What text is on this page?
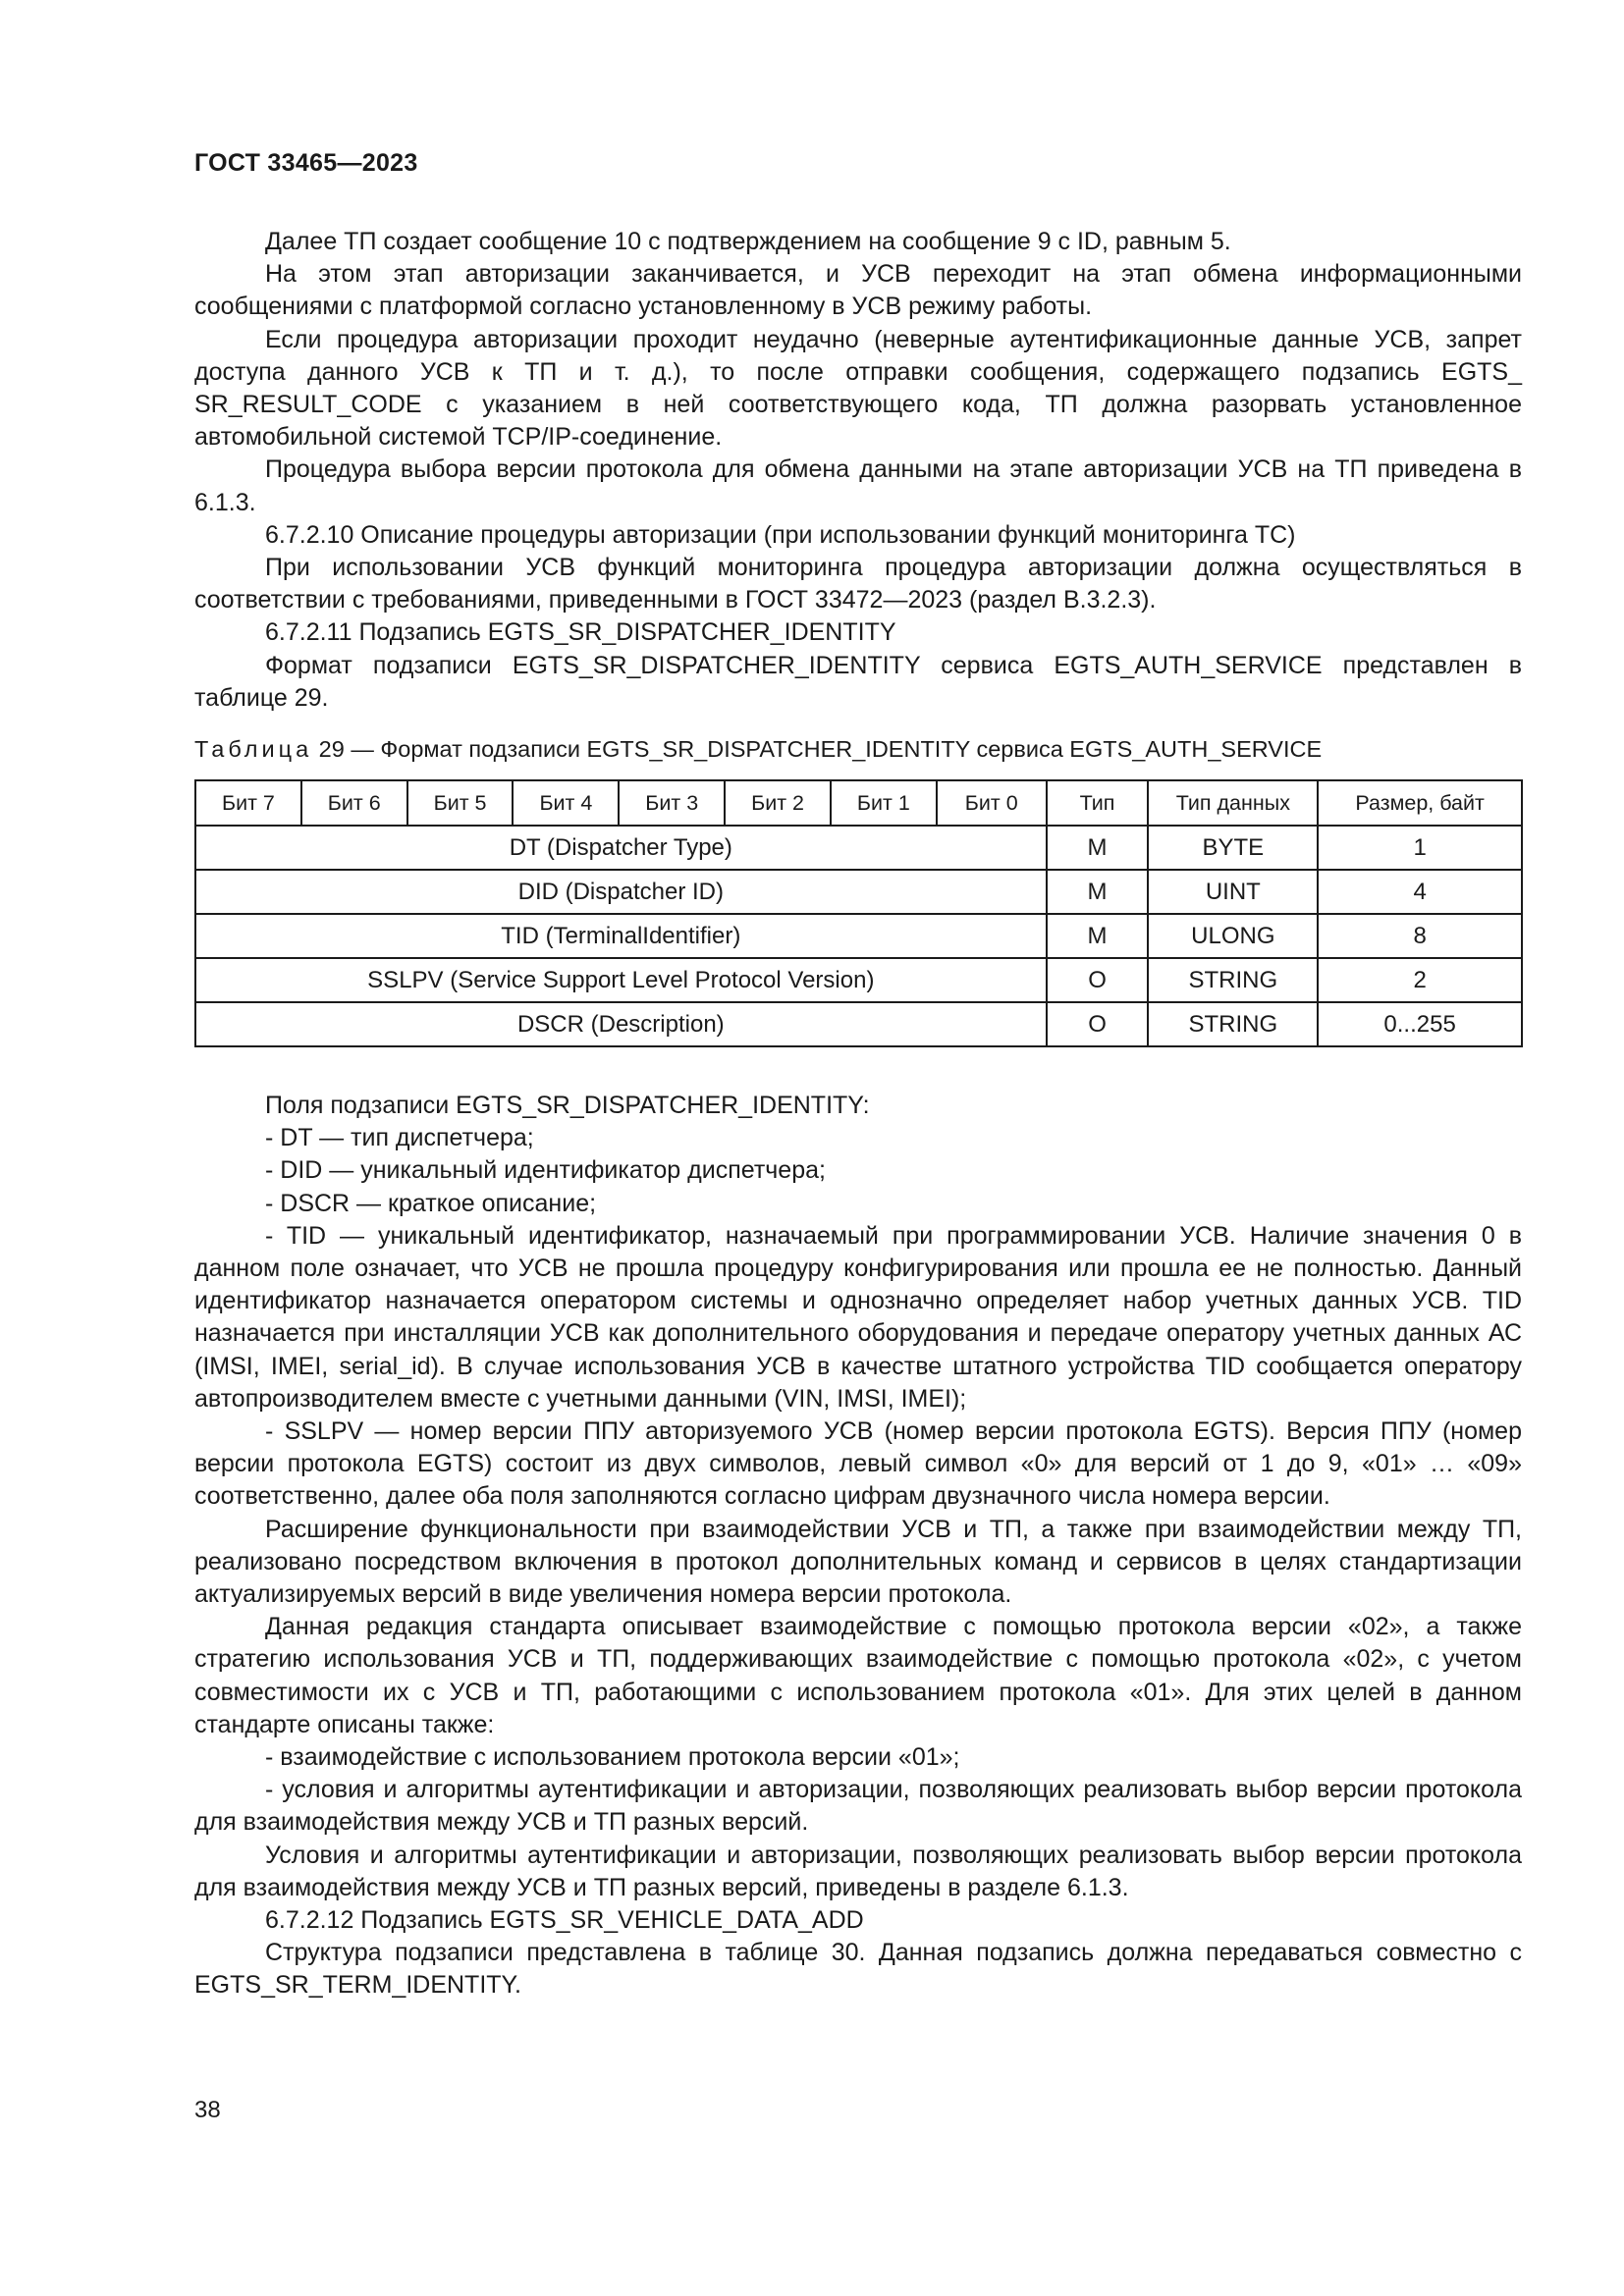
ГОСТ 33465—2023

Далее ТП создает сообщение 10 с подтверждением на сообщение 9 с ID, равным 5.

На этом этап авторизации заканчивается, и УСВ переходит на этап обмена информационными сообщениями с платформой согласно установленному в УСВ режиму работы.

Если процедура авторизации проходит неудачно (неверные аутентификационные данные УСВ, запрет доступа данного УСВ к ТП и т. д.), то после отправки сообщения, содержащего подзапись EGTS_ SR_RESULT_CODE с указанием в ней соответствующего кода, ТП должна разорвать установленное автомобильной системой TCP/IP-соединение.

Процедура выбора версии протокола для обмена данными на этапе авторизации УСВ на ТП приведена в 6.1.3.

6.7.2.10 Описание процедуры авторизации (при использовании функций мониторинга ТС)

При использовании УСВ функций мониторинга процедура авторизации должна осуществляться в соответствии с требованиями, приведенными в ГОСТ 33472—2023 (раздел В.3.2.3).

6.7.2.11 Подзапись EGTS_SR_DISPATCHER_IDENTITY

Формат подзаписи EGTS_SR_DISPATCHER_IDENTITY сервиса EGTS_AUTH_SERVICE представлен в таблице 29.

Таблица 29 — Формат подзаписи EGTS_SR_DISPATCHER_IDENTITY сервиса EGTS_AUTH_SERVICE
Бит 7	Бит 6	Бит 5	Бит 4	Бит 3	Бит 2	Бит 1	Бит 0	Тип	Тип данных	Размер, байт
DT (Dispatcher Type)								M	BYTE	1
DID (Dispatcher ID)								M	UINT	4
TID (TerminalIdentifier)								M	ULONG	8
SSLPV (Service Support Level Protocol Version)								O	STRING	2
DSCR (Description)								O	STRING	0...255

Поля подзаписи EGTS_SR_DISPATCHER_IDENTITY:

- DT — тип диспетчера;

- DID — уникальный идентификатор диспетчера;

- DSCR — краткое описание;

- TID — уникальный идентификатор, назначаемый при программировании УСВ. Наличие значения 0 в данном поле означает, что УСВ не прошла процедуру конфигурирования или прошла ее не полностью. Данный идентификатор назначается оператором системы и однозначно определяет набор учетных данных УСВ. TID назначается при инсталляции УСВ как дополнительного оборудования и передаче оператору учетных данных АС (IMSI, IMEI, serial_id). В случае использования УСВ в качестве штатного устройства TID сообщается оператору автопроизводителем вместе с учетными данными (VIN, IMSI, IMEI);

- SSLPV — номер версии ППУ авторизуемого УСВ (номер версии протокола EGTS). Версия ППУ (номер версии протокола EGTS) состоит из двух символов, левый символ «0» для версий от 1 до 9, «01» … «09» соответственно, далее оба поля заполняются согласно цифрам двузначного числа номера версии.

Расширение функциональности при взаимодействии УСВ и ТП, а также при взаимодействии между ТП, реализовано посредством включения в протокол дополнительных команд и сервисов в целях стандартизации актуализируемых версий в виде увеличения номера версии протокола.

Данная редакция стандарта описывает взаимодействие с помощью протокола версии «02», а также стратегию использования УСВ и ТП, поддерживающих взаимодействие с помощью протокола «02», с учетом совместимости их с УСВ и ТП, работающими с использованием протокола «01». Для этих целей в данном стандарте описаны также:

- взаимодействие с использованием протокола версии «01»;

- условия и алгоритмы аутентификации и авторизации, позволяющих реализовать выбор версии протокола для взаимодействия между УСВ и ТП разных версий.

Условия и алгоритмы аутентификации и авторизации, позволяющих реализовать выбор версии протокола для взаимодействия между УСВ и ТП разных версий, приведены в разделе 6.1.3.

6.7.2.12 Подзапись EGTS_SR_VEHICLE_DATA_ADD

Структура подзаписи представлена в таблице 30. Данная подзапись должна передаваться совместно с EGTS_SR_TERM_IDENTITY.

38
